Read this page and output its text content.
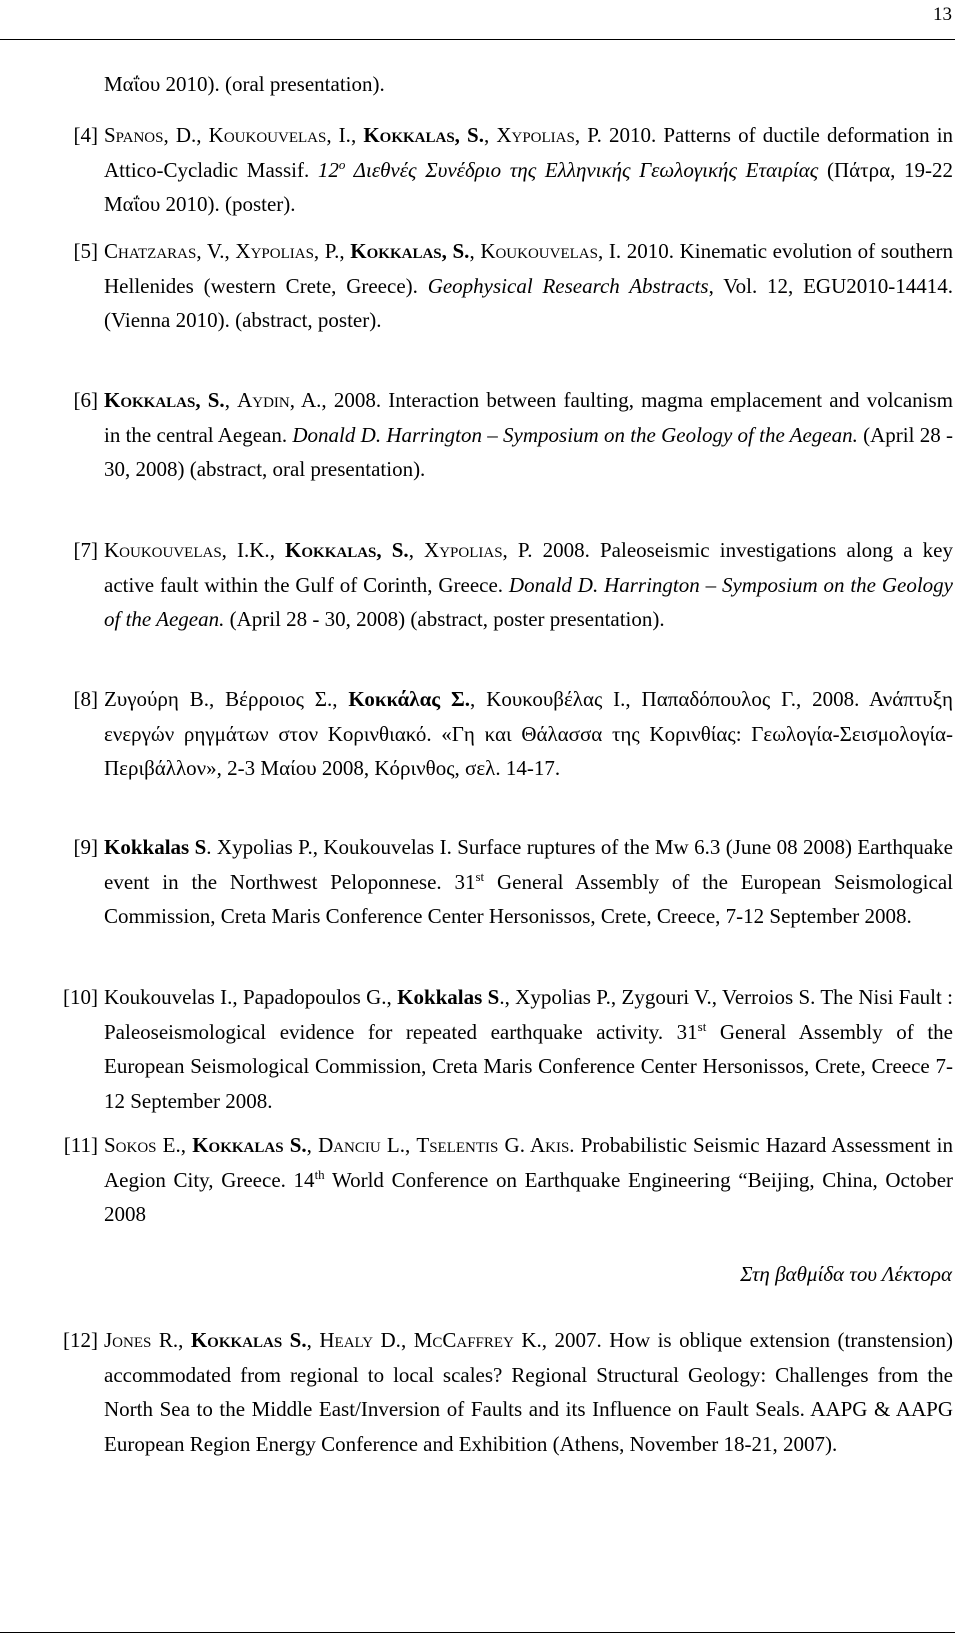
13
Μαΐου 2010). (oral presentation).
[4] Spanos, D., Koukouvelas, I., Kokkalas, S., Xypolias, P. 2010. Patterns of ductile deformation in Attico-Cycladic Massif. $12^o$ Διεθνές Συνέδριο της Ελληνικής Γεωλογικής Εταιρίας (Πάτρα, 19-22 Μαΐου 2010). (poster).
[5] Chatzaras, V., Xypolias, P., Kokkalas, S., Koukouvelas, I. 2010. Kinematic evolution of southern Hellenides (western Crete, Greece). Geophysical Research Abstracts, Vol. 12, EGU2010-14414. (Vienna 2010). (abstract, poster).
[6] Kokkalas, S., Aydin, A., 2008. Interaction between faulting, magma emplacement and volcanism in the central Aegean. Donald D. Harrington – Symposium on the Geology of the Aegean. (April 28 - 30, 2008) (abstract, oral presentation).
[7] Koukouvelas, I.K., Kokkalas, S., Xypolias, P. 2008. Paleoseismic investigations along a key active fault within the Gulf of Corinth, Greece. Donald D. Harrington – Symposium on the Geology of the Aegean. (April 28 - 30, 2008) (abstract, poster presentation).
[8] Ζυγούρη Β., Βέρροιος Σ., Κοκκάλας Σ., Κουκουβέλας Ι., Παπαδόπουλος Γ., 2008. Ανάπτυξη ενεργών ρηγμάτων στον Κορινθιακό. «Γη και Θάλασσα της Κορινθίας: Γεωλογία-Σεισμολογία-Περιβάλλον», 2-3 Μαίου 2008, Κόρινθος, σελ. 14-17.
[9] Kokkalas S. Xypolias P., Koukouvelas I. Surface ruptures of the Mw 6.3 (June 08 2008) Earthquake event in the Northwest Peloponnese. 31st General Assembly of the European Seismological Commission, Creta Maris Conference Center Hersonissos, Crete, Creece, 7-12 September 2008.
[10] Koukouvelas I., Papadopoulos G., Kokkalas S., Xypolias P., Zygouri V., Verroios S. The Nisi Fault : Paleoseismological evidence for repeated earthquake activity. 31st General Assembly of the European Seismological Commission, Creta Maris Conference Center Hersonissos, Crete, Creece 7-12 September 2008.
[11] Sokos E., Kokkalas S., Danciu L., Tselentis G. Akis. Probabilistic Seismic Hazard Assessment in Aegion City, Greece. 14th World Conference on Earthquake Engineering “Beijing, China, October 2008
Στη βαθμίδα του Λέκτορα
[12] Jones R., Kokkalas S., Healy D., McCaffrey K., 2007. How is oblique extension (transtension) accommodated from regional to local scales? Regional Structural Geology: Challenges from the North Sea to the Middle East/Inversion of Faults and its Influence on Fault Seals. AAPG & AAPG European Region Energy Conference and Exhibition (Athens, November 18-21, 2007).
